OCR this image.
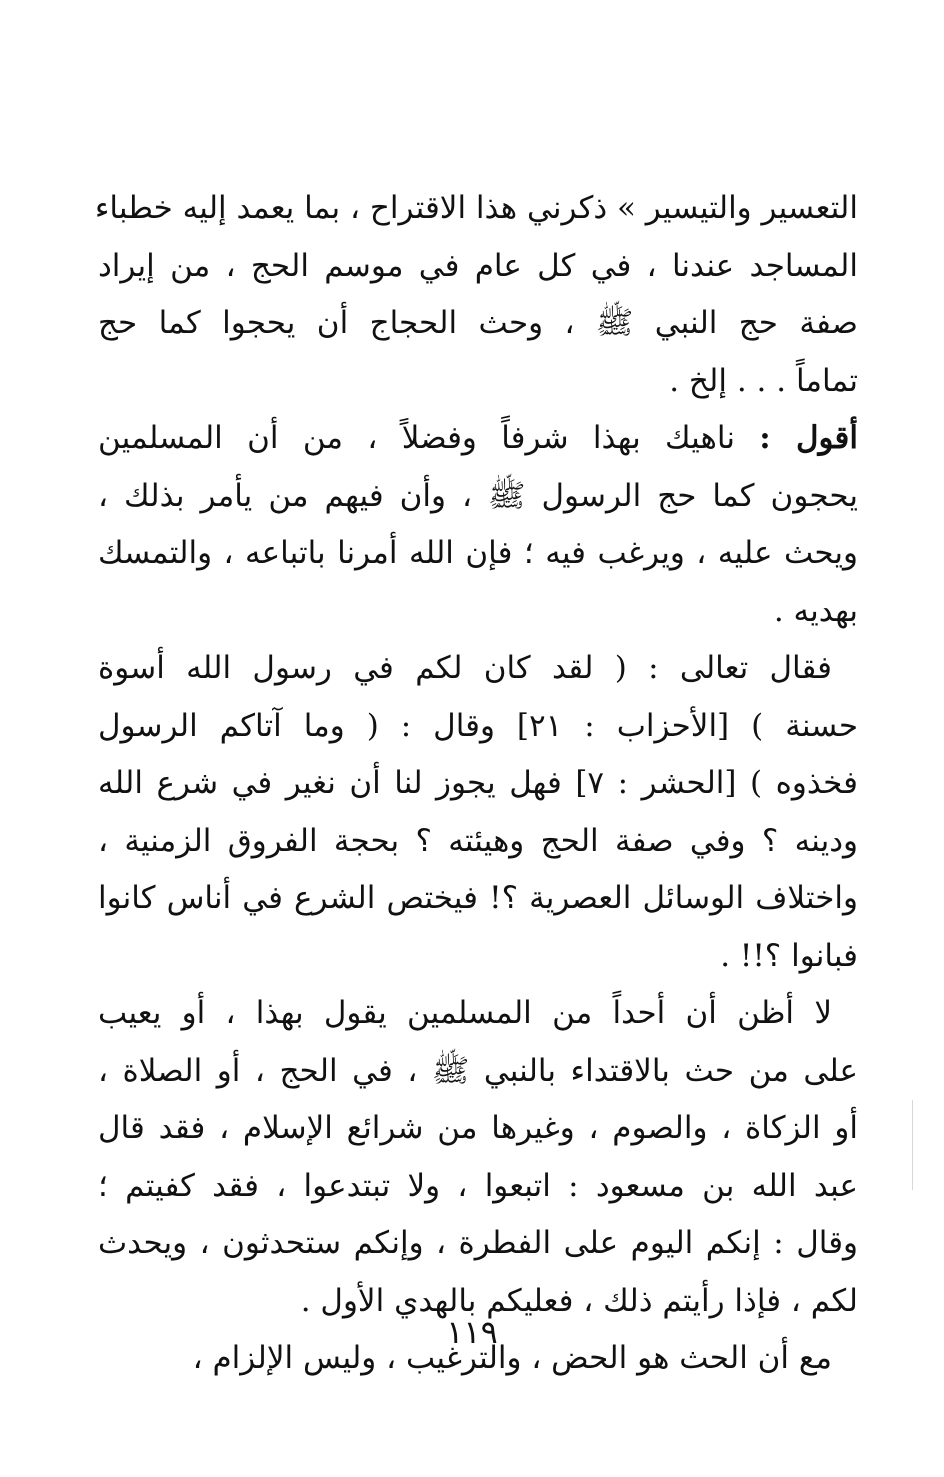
التعسير والتيسير » ذكرني هذا الاقتراح ، بما يعمد إليه خطباء
المساجد عندنا ، في كل عام في موسم الحج ، من إيراد
صفة حج النبي ﷺ ، وحث الحجاج أن يحجوا كما حج
تماماً . . . إلخ .
أقول : ناهيك بهذا شرفاً وفضلاً ، من أن المسلمين
يحجون كما حج الرسول ﷺ ، وأن فيهم من يأمر بذلك ،
ويحث عليه ، ويرغب فيه ؛ فإن الله أمرنا باتباعه ، والتمسك
بهديه .
فقال تعالى : ( لقد كان لكم في رسول الله أسوة
حسنة ) [الأحزاب : ٢١] وقال : ( وما آتاكم الرسول
فخذوه ) [الحشر : ٧] فهل يجوز لنا أن نغير في شرع الله
ودينه ؟ وفي صفة الحج وهيئته ؟ بحجة الفروق الزمنية ،
واختلاف الوسائل العصرية ؟! فيختص الشرع في أناس كانوا
فبانوا ؟!! .
لا أظن أن أحداً من المسلمين يقول بهذا ، أو يعيب
على من حث بالاقتداء بالنبي ﷺ ، في الحج ، أو الصلاة ،
أو الزكاة ، والصوم ، وغيرها من شرائع الإسلام ، فقد قال
عبد الله بن مسعود : اتبعوا ، ولا تبتدعوا ، فقد كفيتم ؛
وقال : إنكم اليوم على الفطرة ، وإنكم ستحدثون ، ويحدث
لكم ، فإذا رأيتم ذلك ، فعليكم بالهدي الأول .
مع أن الحث هو الحض ، والترغيب ، وليس الإلزام ،
١١٩
